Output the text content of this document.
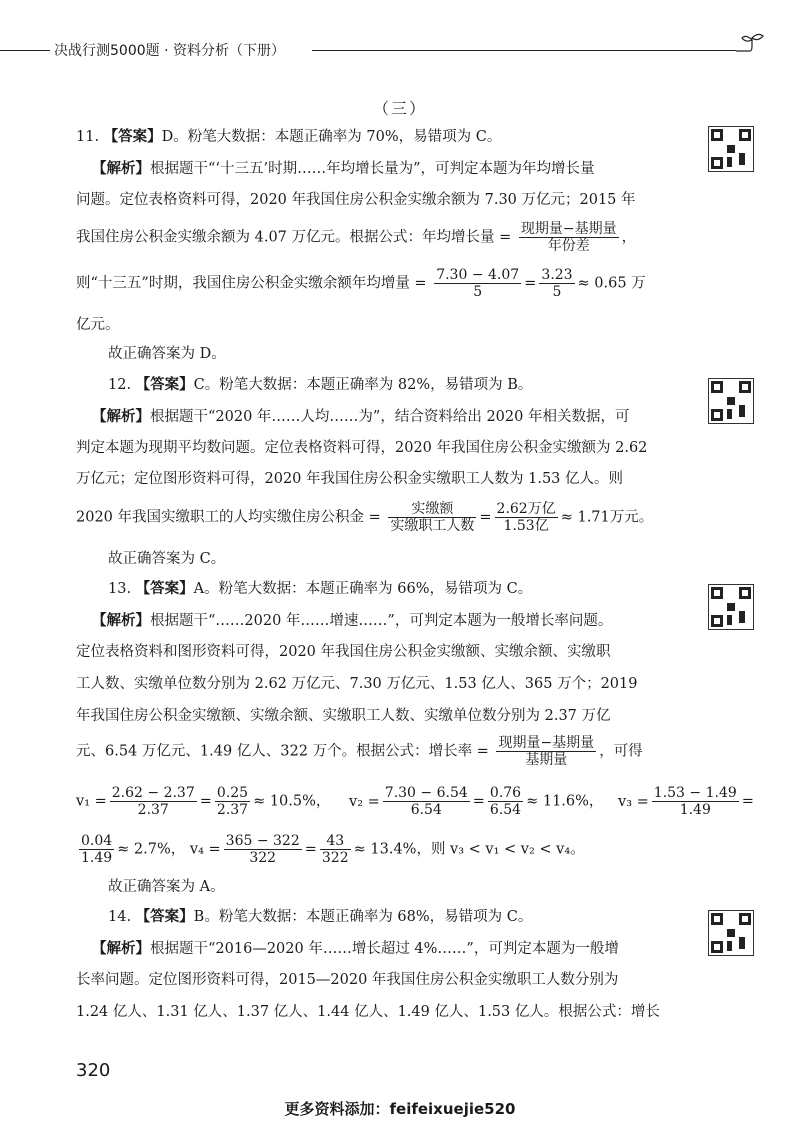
决战行测5000题 · 资料分析（下册）
（三）
11. 【答案】D。粉笔大数据：本题正确率为 70%，易错项为 C。
【解析】根据题干“‘十三五’时期……年均增长量为”，可判定本题为年均增长量
问题。定位表格资料可得，2020 年我国住房公积金实缴余额为 7.30 万亿元；2015 年
我国住房公积金实缴余额为 4.07 万亿元。根据公式：年均增长量 = $\frac{\text{现期量−基期量}}{\text{年份差}}$ ，
则“十三五”时期，我国住房公积金实缴余额年均增量 = $\frac{7.30 - 4.07}{5} = \frac{3.23}{5} \approx 0.65$ 万
亿元。
故正确答案为 D。
12. 【答案】C。粉笔大数据：本题正确率为 82%，易错项为 B。
【解析】根据题干“2020 年……人均……为”，结合资料给出 2020 年相关数据，可
判定本题为现期平均数问题。定位表格资料可得，2020 年我国住房公积金实缴额为 2.62
万亿元；定位图形资料可得，2020 年我国住房公积金实缴职工人数为 1.53 亿人。则
2020 年我国实缴职工的人均实缴住房公积金 = $\frac{\text{实缴额}}{\text{实缴职工人数}} = \frac{\text{2.62万亿}}{\text{1.53亿}} \approx 1.71$万元。
故正确答案为 C。
13. 【答案】A。粉笔大数据：本题正确率为 66%，易错项为 C。
【解析】根据题干“……2020 年……增速……”，可判定本题为一般增长率问题。
定位表格资料和图形资料可得，2020 年我国住房公积金实缴额、实缴余额、实缴职
工人数、实缴单位数分别为 2.62 万亿元、7.30 万亿元、1.53 亿人、365 万个；2019
年我国住房公积金实缴额、实缴余额、实缴职工人数、实缴单位数分别为 2.37 万亿
元、6.54 万亿元、1.49 亿人、322 万个。根据公式：增长率 = $\frac{\text{现期量−基期量}}{\text{基期量}}$ ，可得
$v_1 = \frac{2.62 - 2.37}{2.37} = \frac{0.25}{2.37} \approx 10.5\%$， $v_2 = \frac{7.30 - 6.54}{6.54} = \frac{0.76}{6.54} \approx 11.6\%$， $v_3 = \frac{1.53 - 1.49}{1.49}$ =
$\frac{0.04}{1.49} \approx 2.7\%$， $v_4 = \frac{365 - 322}{322} = \frac{43}{322} \approx 13.4\%$，则 v₃ < v₁ < v₂ < v₄。
故正确答案为 A。
14. 【答案】B。粉笔大数据：本题正确率为 68%，易错项为 C。
【解析】根据题干“2016—2020 年……增长超过 4%……”，可判定本题为一般增
长率问题。定位图形资料可得，2015—2020 年我国住房公积金实缴职工人数分别为
1.24 亿人、1.31 亿人、1.37 亿人、1.44 亿人、1.49 亿人、1.53 亿人。根据公式：增长
320
更多资料添加：feifeixuejie520
